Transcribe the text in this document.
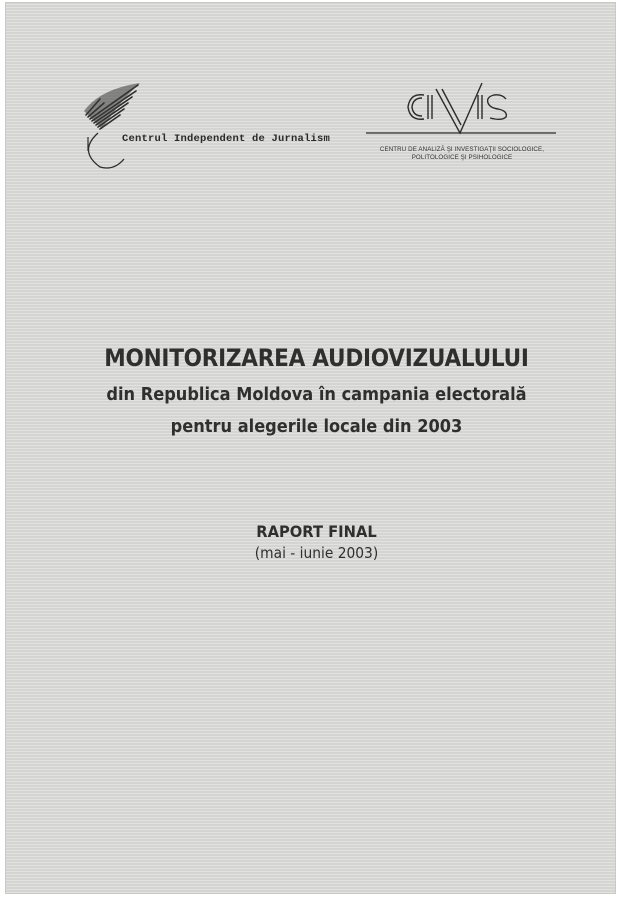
Centrul Independent de Jurnalism
CENTRU DE ANALIZĂ ŞI INVESTIGAŢII SOCIOLOGICE,
POLITOLOGICE ŞI PSIHOLOGICE
MONITORIZAREA AUDIOVIZUALULUI
din Republica Moldova în campania electorală
pentru alegerile locale din 2003
RAPORT FINAL
(mai - iunie 2003)
